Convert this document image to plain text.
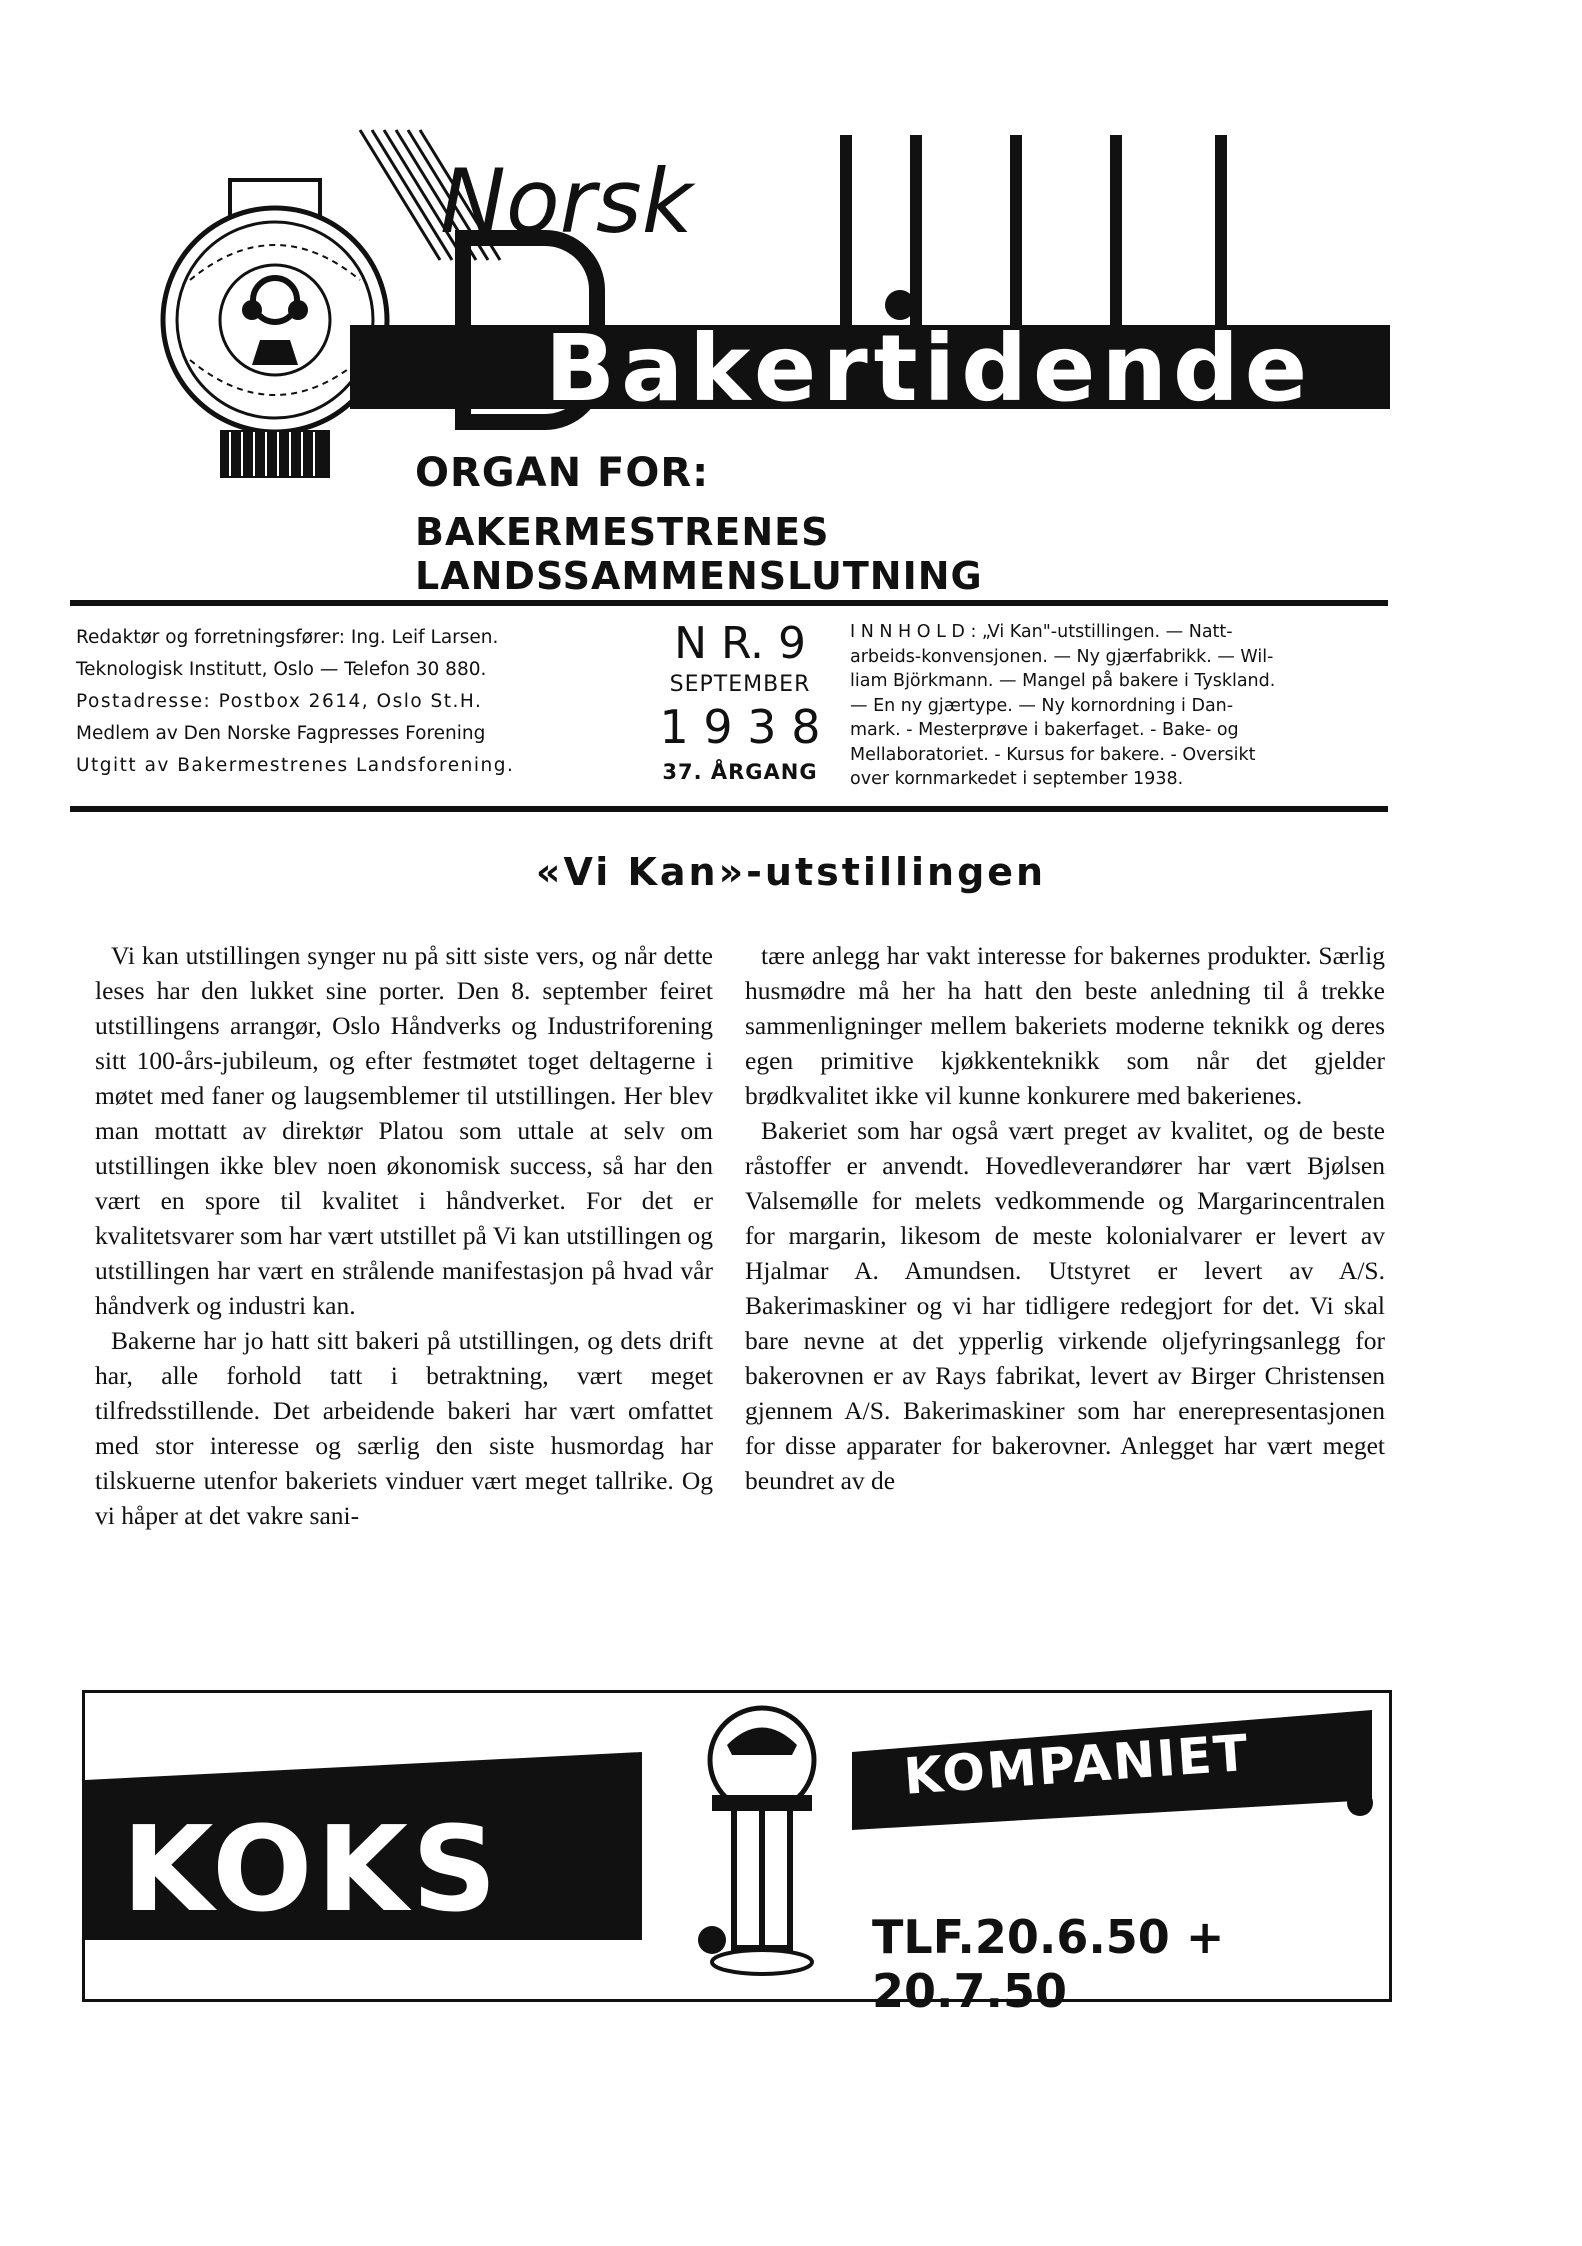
Norsk
Bakertidende
ORGAN FOR:
BAKERMESTRENES LANDSSAMMENSLUTNING
Redaktør og forretningsfører: Ing. Leif Larsen.
Teknologisk Institutt, Oslo — Telefon 30 880.
Postadresse: Postbox 2614, Oslo St.H.
Medlem av Den Norske Fagpresses Forening
Utgitt av Bakermestrenes Landsforening.
N R. 9
SEPTEMBER
1 9 3 8
37. ÅRGANG
I N N H O L D : „Vi Kan"-utstillingen. — Natt-
arbeids-konvensjonen. — Ny gjærfabrikk. — Wil-
liam Björkmann. — Mangel på bakere i Tyskland.
— En ny gjærtype. — Ny kornordning i Dan-
mark. - Mesterprøve i bakerfaget. - Bake- og
Mellaboratoriet. - Kursus for bakere. - Oversikt
over kornmarkedet i september 1938.
«Vi Kan»-utstillingen

Vi kan utstillingen synger nu på sitt siste vers, og når dette leses har den lukket sine porter. Den 8. september feiret utstillingens arrangør, Oslo Håndverks og Industriforening sitt 100-års-jubileum, og efter festmøtet toget deltagerne i møtet med faner og laugsemblemer til utstillingen. Her blev man mottatt av direktør Platou som uttale at selv om utstillingen ikke blev noen økonomisk success, så har den vært en spore til kvalitet i håndverket. For det er kvalitetsvarer som har vært utstillet på Vi kan utstillingen og utstillingen har vært en strålende manifestasjon på hvad vår håndverk og industri kan.

Bakerne har jo hatt sitt bakeri på utstillingen, og dets drift har, alle forhold tatt i betraktning, vært meget tilfredsstillende. Det arbeidende bakeri har vært omfattet med stor interesse og særlig den siste husmordag har tilskuerne utenfor bakeriets vinduer vært meget tallrike. Og vi håper at det vakre sani-

tære anlegg har vakt interesse for bakernes produkter. Særlig husmødre må her ha hatt den beste anledning til å trekke sammenligninger mellem bakeriets moderne teknikk og deres egen primitive kjøkkenteknikk som når det gjelder brødkvalitet ikke vil kunne konkurere med bakerienes.

Bakeriet som har også vært preget av kvalitet, og de beste råstoffer er anvendt. Hovedleverandører har vært Bjølsen Valsemølle for melets vedkommende og Margarincentralen for margarin, likesom de meste kolonialvarer er levert av Hjalmar A. Amundsen. Utstyret er levert av A/S. Bakerimaskiner og vi har tidligere redegjort for det. Vi skal bare nevne at det ypperlig virkende oljefyringsanlegg for bakerovnen er av Rays fabrikat, levert av Birger Christensen gjennem A/S. Bakerimaskiner som har enerepresentasjonen for disse apparater for bakerovner. Anlegget har vært meget beundret av de

KOKS
KOMPANIET
TLF.20.6.50 + 20.7.50
